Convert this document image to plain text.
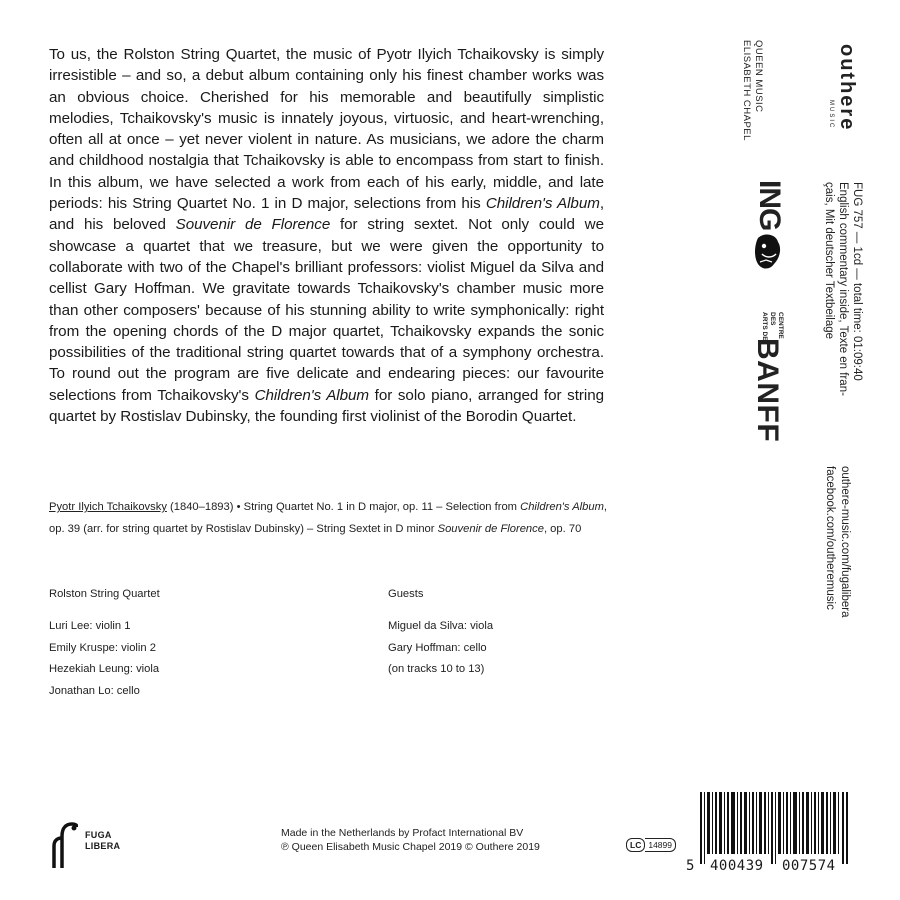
To us, the Rolston String Quartet, the music of Pyotr Ilyich Tchaikovsky is simply irresistible – and so, a debut album containing only his finest chamber works was an obvious choice. Cherished for his memorable and beautifully simplistic melodies, Tchaikovsky's music is innately joyous, virtuosic, and heart-wrenching, often all at once – yet never violent in nature. As musicians, we adore the charm and childhood nostalgia that Tchaikovsky is able to encompass from start to finish. In this album, we have selected a work from each of his early, middle, and late periods: his String Quartet No. 1 in D major, selections from his Children's Album, and his beloved Souvenir de Florence for string sextet. Not only could we showcase a quartet that we treasure, but we were given the opportunity to collaborate with two of the Chapel's brilliant professors: violist Miguel da Silva and cellist Gary Hoffman. We gravitate towards Tchaikovsky's chamber music more than other composers' because of his stunning ability to write symphonically: right from the opening chords of the D major quartet, Tchaikovsky expands the sonic possibilities of the traditional string quartet towards that of a symphony orchestra. To round out the program are five delicate and endearing pieces: our favourite selections from Tchaikovsky's Children's Album for solo piano, arranged for string quartet by Rostislav Dubinsky, the founding first violinist of the Borodin Quartet.

Pyotr Ilyich Tchaikovsky (1840–1893) • String Quartet No. 1 in D major, op. 11 – Selection from Children's Album, op. 39 (arr. for string quartet by Rostislav Dubinsky) – String Sextet in D minor Souvenir de Florence, op. 70

Rolston String Quartet
Luri Lee: violin 1
Emily Kruspe: violin 2
Hezekiah Leung: viola
Jonathan Lo: cello
Guests
Miguel da Silva: viola
Gary Hoffman: cello
(on tracks 10 to 13)
outhere
MUSIC
QUEEN MUSIC
ELISABETH CHAPEL
ING
CENTRE
DES
ARTS DE
BANFF
FUG 757 — 1cd — total time: 01:09:40
English commentary inside, Texte en fran-
çais, Mit deutscher Textbeilage
outhere-music.com/fugalibera
facebook.com/outheremusic
FUGA
LIBERA
Made in the Netherlands by Profact International BV
℗ Queen Elisabeth Music Chapel 2019 © Outhere 2019	LC 14899
5 400439 007574
